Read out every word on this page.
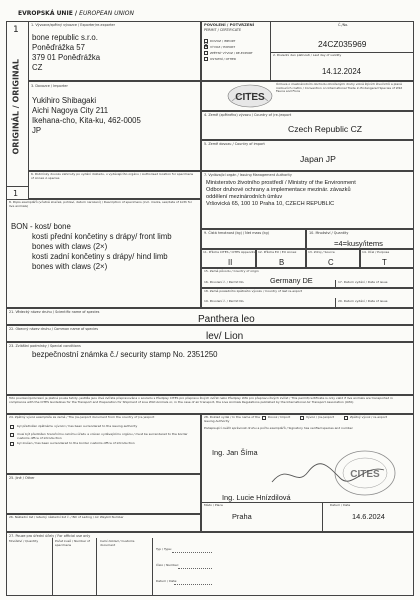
EVROPSKÁ UNIE / EUROPEAN UNION
1
ORIGINÁL / ORIGINAL
1
1. Vývozce/zpětný vývozce / Exporter/re-exporter
bone republic s.r.o.
Poněďrážka 57
379 01 Poněďrážka
CZ
POVOLENÍ / POTVRZENÍ
PERMIT / CERTIFICATE
Č./No.
24CZ035969
2. Poslední den platnosti / Last day of validity
14.12.2024
DOVOZ / IMPORT
X VÝVOZ / EXPORT
ZPĚTNÝ VÝVOZ / RE-EXPORT
OSTATNÍ / OTHER
CITES
Úmluva o mezinárodním obchodu ohroženými druhy volně žijících živočichů a planě rostoucích rostlin / Convention on International Trade in Endangered Species of Wild Fauna and Flora
3. Dovozce / Importer
Yukihiro Shibagaki
Aichi Nagoya City 211
Ikehana-cho, Kita-ku, 462-0005
JP
4. Země (zpětného) vývozu / Country of (re-)export
Czech Republic CZ
5. Země dovozu / Country of import
Japan JP
6. Podmínky dovozu zahrnuty po vydání dokladu, u vydávajícího orgánu / Authorised location for specimens of Annex A species
7. Vydávající orgán / Issuing Management Authority
Ministerstvo životního prostředí / Ministry of the Environment
Odbor druhové ochrany a implementace mezinár. závazků
oddělení mezinárodních úmluv
Vršovická 65, 100 10 Praha 10, CZECH REPUBLIC
8. Popis exemplářů (včetně značek, pohlaví, datum narození) / Description of specimens (incl. marks, sex/date of birth for live animals)
BON - kost/ bone
kosti přední končetiny s drápy/ front limb
bones with claws (2×)
kosti zadní končetiny s drápy/ hind limb
bones with claws (2×)
9. Čistá hmotnost (kg) / Net mass (kg)	10. Množství / Quantity
=4=kusy/items
11. Příloha CITES / CITES Appendix
II
12. Příloha EU / EU Annex
B
13. Zdroj / Source
C
14. Účel / Purpose
T
15. Země původu / Country of origin
Germany DE
16. Povolení č. / Permit No.	17. Datum vydání / Date of issue
18. Země posledního zpětného vývozu / Country of last re-export
19. Povolení č. / Permit No.	20. Datum vydání / Date of issue
21. Vědecký název druhu / Scientific name of species
Panthera leo
22. Obecný název druhu / Common name of species
lev/ Lion
23. Zvláštní podmínky / Special conditions
bezpečnostní známka č./ security stamp No. 2351250
Toto povolení/potvrzení je platné pouze tehdy, jestliže jsou živé zvířata přepravována v souladu s Předpisy CITES pro přepravu živých zvířat nebo Předpisy IATA pro přepravu živých zvířat / This permit/certificate is only valid if live animals are transported in compliance with the CITES Guidelines for the Transport and Preparation for Shipment of Live Wild Animals or, in the case of air transport, the Live Animals Regulations published by the International Air Transport Association (IATA)
24. Zpětný vývoz exempláře ze země / The (re-)export document from the country of (re-)export
byl předložen zpětnému vývozci / has been surrendered to the issuing authority
musí být předložen hraničnímu celnímu úřadu a vrácen vydávajícímu orgánu / must be surrendered to the border customs office of introduction
byl zrušen / has been surrendered to the border customs office of introduction
25. Jiné / Other
26. Nákladní list / letecký nákladní list č. / Bill of Lading / Air Waybill Number
28. Doklad vydal / In the name of the Issuing Authority
Dovoz / Import	Vývoz / (re-)export	Zpětný vývoz / re-export
Podepisující ověřil správnost druhu a počtu exemplářů / Signatory has verified species and number
Ing. Jan Šíma
Ing. Lucie Hnízdilová
CITES
Místo / Place
Praha
Datum / Date
14.6.2024
27. Pouze pro úřední účely / For official use only
Množství / Quantity	Počet kusů / Number of specimens
Celní doklad / Customs document
Typ / Type:
Číslo / Number:
Datum / Date:
